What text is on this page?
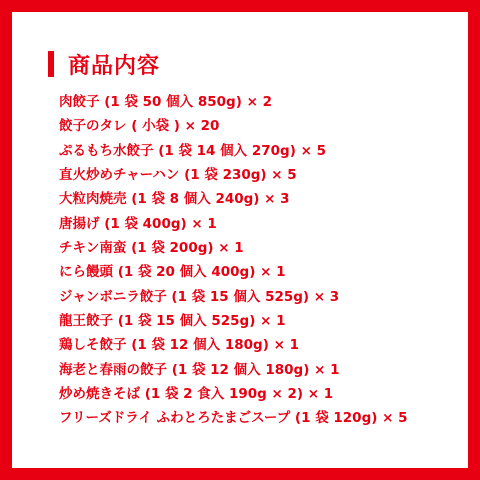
商品内容
肉餃子 (1 袋 50 個入 850g) × 2
餃子のタレ ( 小袋 ) × 20
ぷるもち水餃子 (1 袋 14 個入 270g) × 5
直火炒めチャーハン (1 袋 230g) × 5
大粒肉焼売 (1 袋 8 個入 240g) × 3
唐揚げ (1 袋 400g) × 1
チキン南蛮 (1 袋 200g) × 1
にら饅頭 (1 袋 20 個入 400g) × 1
ジャンボニラ餃子 (1 袋 15 個入 525g) × 3
龍王餃子 (1 袋 15 個入 525g) × 1
鶏しそ餃子 (1 袋 12 個入 180g) × 1
海老と春雨の餃子 (1 袋 12 個入 180g) × 1
炒め焼きそば (1 袋 2 食入 190g × 2) × 1
フリーズドライ ふわとろたまごスープ (1 袋 120g) × 5
